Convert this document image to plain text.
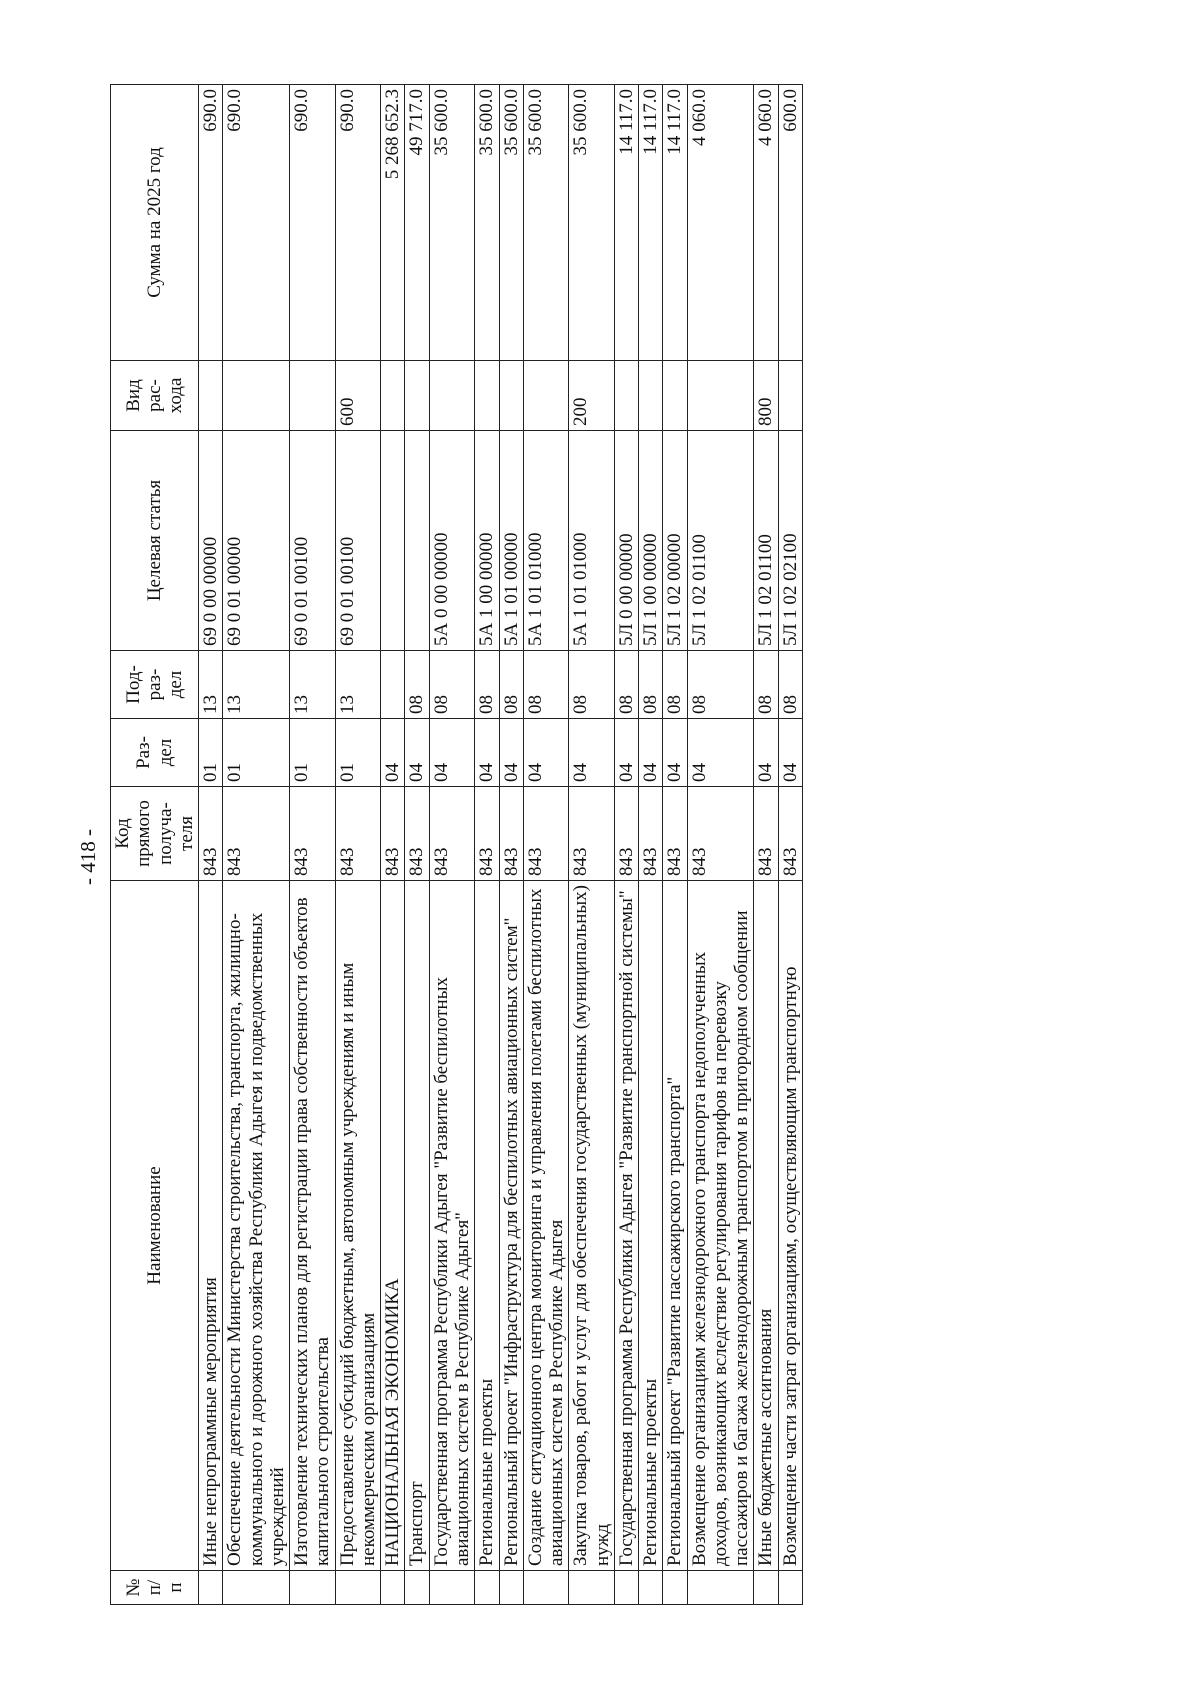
- 418 -
№ п/п	Наименование	Код прямого получа-теля	Раз-дел	Под-раз-дел	Целевая статья	Вид рас-хода	Сумма на 2025 год
	Иные непрограммные мероприятия	843	01	13	69 0 00 00000		690.0
	Обеспечение деятельности Министерства строительства, транспорта, жилищно-коммунального и дорожного хозяйства Республики Адыгея и подведомственных учреждений	843	01	13	69 0 01 00000		690.0
	Изготовление технических планов для регистрации права собственности объектов капитального строительства	843	01	13	69 0 01 00100		690.0
	Предоставление субсидий бюджетным, автономным учреждениям и иным некоммерческим организациям	843	01	13	69 0 01 00100	600	690.0
	НАЦИОНАЛЬНАЯ ЭКОНОМИКА	843	04				5 268 652.3
	Транспорт	843	04	08			49 717.0
	Государственная программа Республики Адыгея "Развитие беспилотных авиационных систем в Республике Адыгея"	843	04	08	5А 0 00 00000		35 600.0
	Региональные проекты	843	04	08	5А 1 00 00000		35 600.0
	Региональный проект "Инфраструктура для беспилотных авиационных систем"	843	04	08	5А 1 01 00000		35 600.0
	Создание ситуационного центра мониторинга и управления полетами беспилотных авиационных систем в Республике Адыгея	843	04	08	5А 1 01 01000		35 600.0
	Закупка товаров, работ и услуг для обеспечения государственных (муниципальных) нужд	843	04	08	5А 1 01 01000	200	35 600.0
	Государственная программа Республики Адыгея "Развитие транспортной системы"	843	04	08	5Л 0 00 00000		14 117.0
	Региональные проекты	843	04	08	5Л 1 00 00000		14 117.0
	Региональный проект "Развитие пассажирского транспорта"	843	04	08	5Л 1 02 00000		14 117.0
	Возмещение организациям железнодорожного транспорта недополученных доходов, возникающих вследствие регулирования тарифов на перевозку пассажиров и багажа железнодорожным транспортом в пригородном сообщении	843	04	08	5Л 1 02 01100		4 060.0
	Иные бюджетные ассигнования	843	04	08	5Л 1 02 01100	800	4 060.0
	Возмещение части затрат организациям, осуществляющим транспортную	843	04	08	5Л 1 02 02100		600.0
